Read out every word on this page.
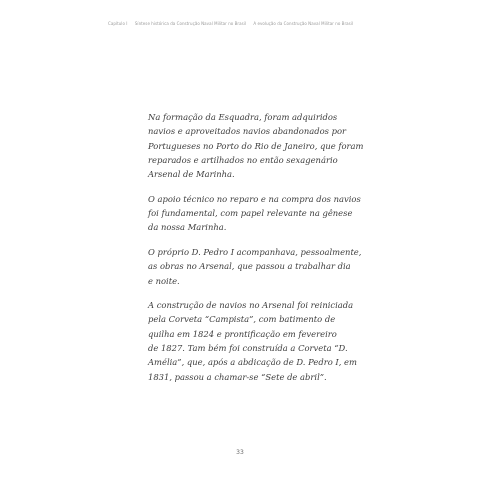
Capítulo I Síntese histórica da Construção Naval Militar no Brasil A evolução da Construção Naval Militar no Brasil

Na formação da Esquadra, foram adquiridos
navios e aproveitados navios abandonados por
Portugueses no Porto do Rio de Janeiro, que foram
reparados e artilhados no então sexagenário
Arsenal de Marinha.

O apoio técnico no reparo e na compra dos navios
foi fundamental, com papel relevante na gênese
da nossa Marinha.

O próprio D. Pedro I acompanhava, pessoalmente,
as obras no Arsenal, que passou a trabalhar dia
e noite.

A construção de navios no Arsenal foi reiniciada
pela Corveta “Campista”, com batimento de
quilha em 1824 e prontificação em fevereiro
de 1827. Tam bém foi construída a Corveta “D.
Amélia”, que, após a abdicação de D. Pedro I, em
1831, passou a chamar-se “Sete de abril”.

33
